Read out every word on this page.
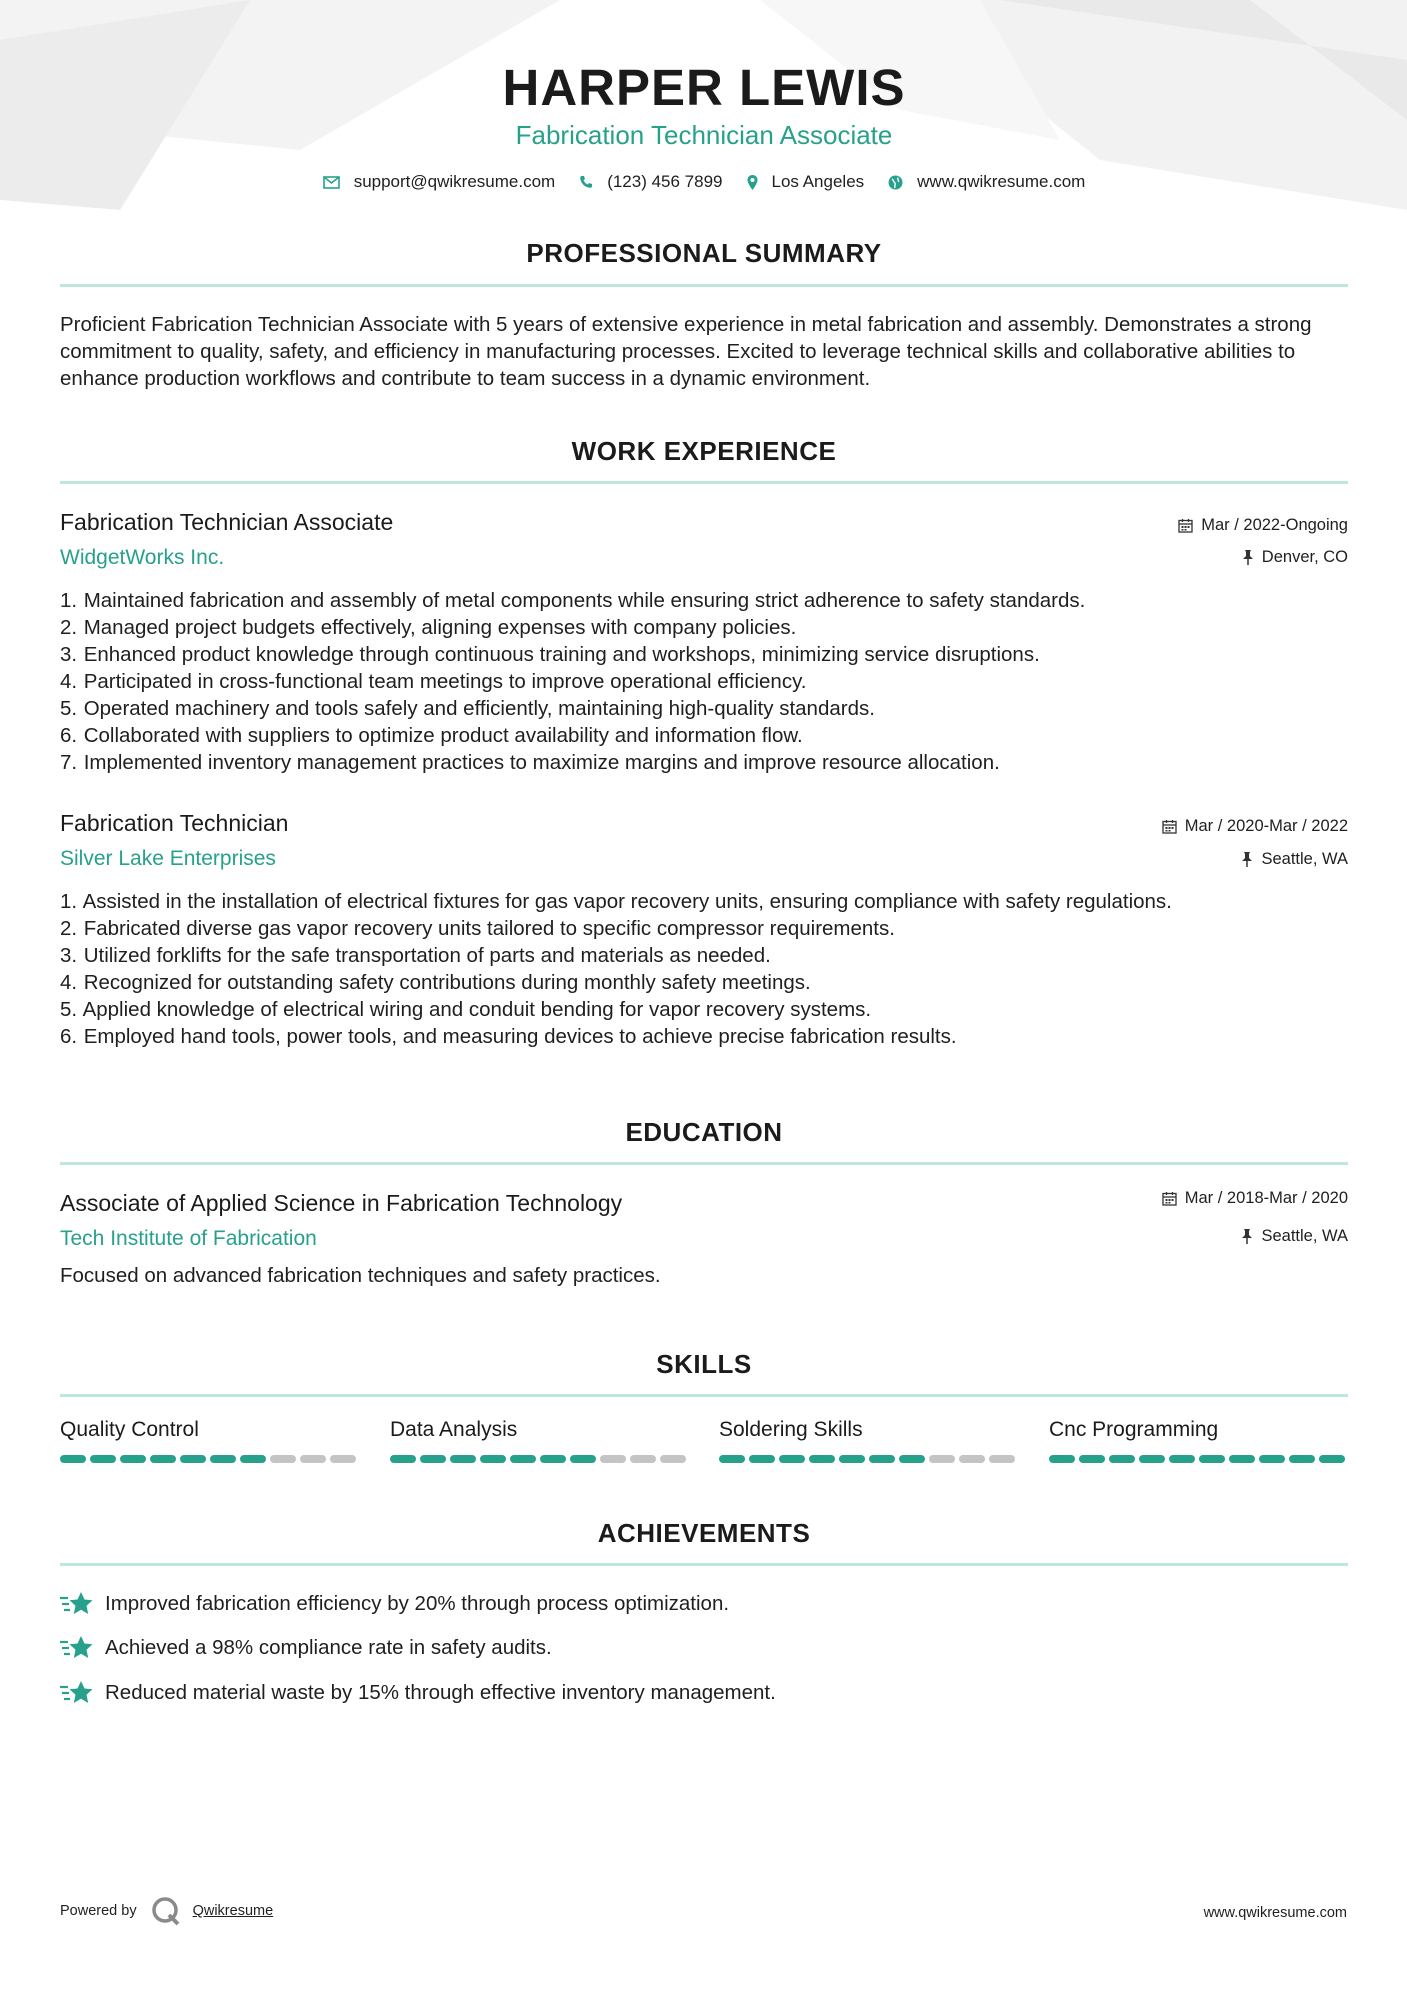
HARPER LEWIS
Fabrication Technician Associate
support@qwikresume.com	(123) 456 7899	Los Angeles	www.qwikresume.com
PROFESSIONAL SUMMARY
Proficient Fabrication Technician Associate with 5 years of extensive experience in metal fabrication and assembly. Demonstrates a strong commitment to quality, safety, and efficiency in manufacturing processes. Excited to leverage technical skills and collaborative abilities to enhance production workflows and contribute to team success in a dynamic environment.
WORK EXPERIENCE
Fabrication Technician Associate
WidgetWorks Inc.
Mar / 2022-Ongoing
Denver, CO
1. Maintained fabrication and assembly of metal components while ensuring strict adherence to safety standards.
2. Managed project budgets effectively, aligning expenses with company policies.
3. Enhanced product knowledge through continuous training and workshops, minimizing service disruptions.
4. Participated in cross-functional team meetings to improve operational efficiency.
5. Operated machinery and tools safely and efficiently, maintaining high-quality standards.
6. Collaborated with suppliers to optimize product availability and information flow.
7. Implemented inventory management practices to maximize margins and improve resource allocation.
Fabrication Technician
Silver Lake Enterprises
Mar / 2020-Mar / 2022
Seattle, WA
1. Assisted in the installation of electrical fixtures for gas vapor recovery units, ensuring compliance with safety regulations.
2. Fabricated diverse gas vapor recovery units tailored to specific compressor requirements.
3. Utilized forklifts for the safe transportation of parts and materials as needed.
4. Recognized for outstanding safety contributions during monthly safety meetings.
5. Applied knowledge of electrical wiring and conduit bending for vapor recovery systems.
6. Employed hand tools, power tools, and measuring devices to achieve precise fabrication results.
EDUCATION
Associate of Applied Science in Fabrication Technology
Tech Institute of Fabrication
Mar / 2018-Mar / 2020
Seattle, WA
Focused on advanced fabrication techniques and safety practices.
SKILLS
Quality Control	Data Analysis	Soldering Skills	Cnc Programming
ACHIEVEMENTS
Improved fabrication efficiency by 20% through process optimization.
Achieved a 98% compliance rate in safety audits.
Reduced material waste by 15% through effective inventory management.
Powered by	Qwikresume	www.qwikresume.com
